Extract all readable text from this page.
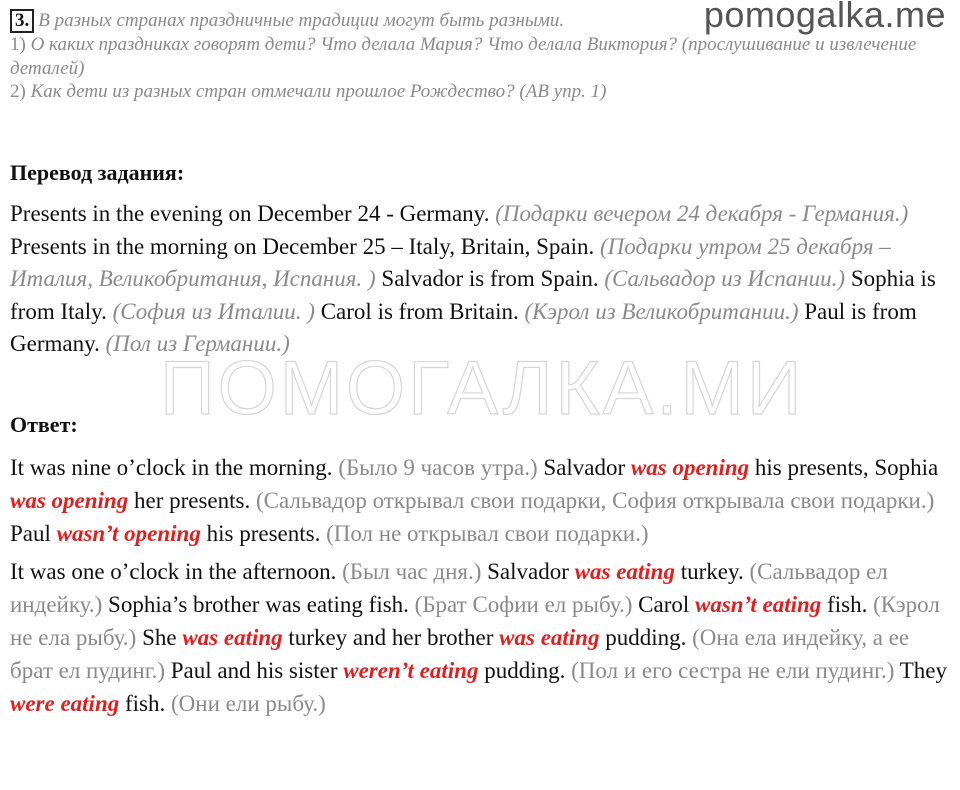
3. В разных странах праздничные традиции могут быть разными.
1) О каких праздниках говорят дети? Что делала Мария? Что делала Виктория? (прослушивание и извлечение деталей)
2) Как дети из разных стран отмечали прошлое Рождество? (AB упр. 1)
pomogalka.me
Перевод задания:
Presents in the evening on December 24 - Germany. (Подарки вечером 24 декабря - Германия.) Presents in the morning on December 25 – Italy, Britain, Spain. (Подарки утром 25 декабря – Италия, Великобритания, Испания. ) Salvador is from Spain. (Сальвадор из Испании.) Sophia is from Italy. (София из Италии. ) Carol is from Britain. (Кэрол из Великобритании.) Paul is from Germany. (Пол из Германии.)
ПОМОГАЛКА.МИ
Ответ:
It was nine o’clock in the morning. (Было 9 часов утра.) Salvador was opening his presents, Sophia was opening her presents. (Сальвадор открывал свои подарки, София открывала свои подарки.) Paul wasn’t opening his presents. (Пол не открывал свои подарки.)
It was one o’clock in the afternoon. (Был час дня.) Salvador was eating turkey. (Сальвадор ел индейку.) Sophia’s brother was eating fish. (Брат Софии ел рыбу.) Carol wasn’t eating fish. (Кэрол не ела рыбу.) She was eating turkey and her brother was eating pudding. (Она ела индейку, а ее брат ел пудинг.) Paul and his sister weren’t eating pudding. (Пол и его сестра не ели пудинг.) They were eating fish. (Они ели рыбу.)
